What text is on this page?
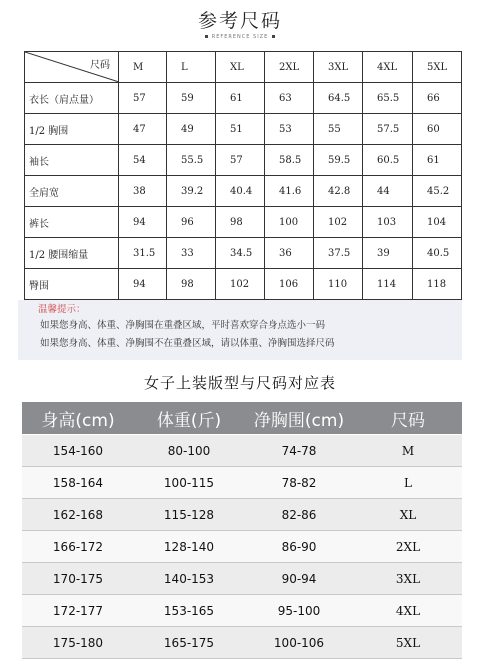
参考尺码
REFERENCE SIZE
尺码	M	L	XL	2XL	3XL	4XL	5XL
衣长（肩点量）	57	59	61	63	64.5	65.5	66
1/2 胸围	47	49	51	53	55	57.5	60
袖长	54	55.5	57	58.5	59.5	60.5	61
全肩宽	38	39.2	40.4	41.6	42.8	44	45.2
裤长	94	96	98	100	102	103	104
1/2 腰围缩量	31.5	33	34.5	36	37.5	39	40.5
臀围	94	98	102	106	110	114	118
温馨提示：
如果您身高、体重、净胸围在重叠区域，平时喜欢穿合身点选小一码
如果您身高、体重、净胸围不在重叠区域，请以体重、净胸围选择尺码
女子上装版型与尺码对应表
身高(cm)	体重(斤)	净胸围(cm)	尺码
154-160	80-100	74-78	M
158-164	100-115	78-82	L
162-168	115-128	82-86	XL
166-172	128-140	86-90	2XL
170-175	140-153	90-94	3XL
172-177	153-165	95-100	4XL
175-180	165-175	100-106	5XL
